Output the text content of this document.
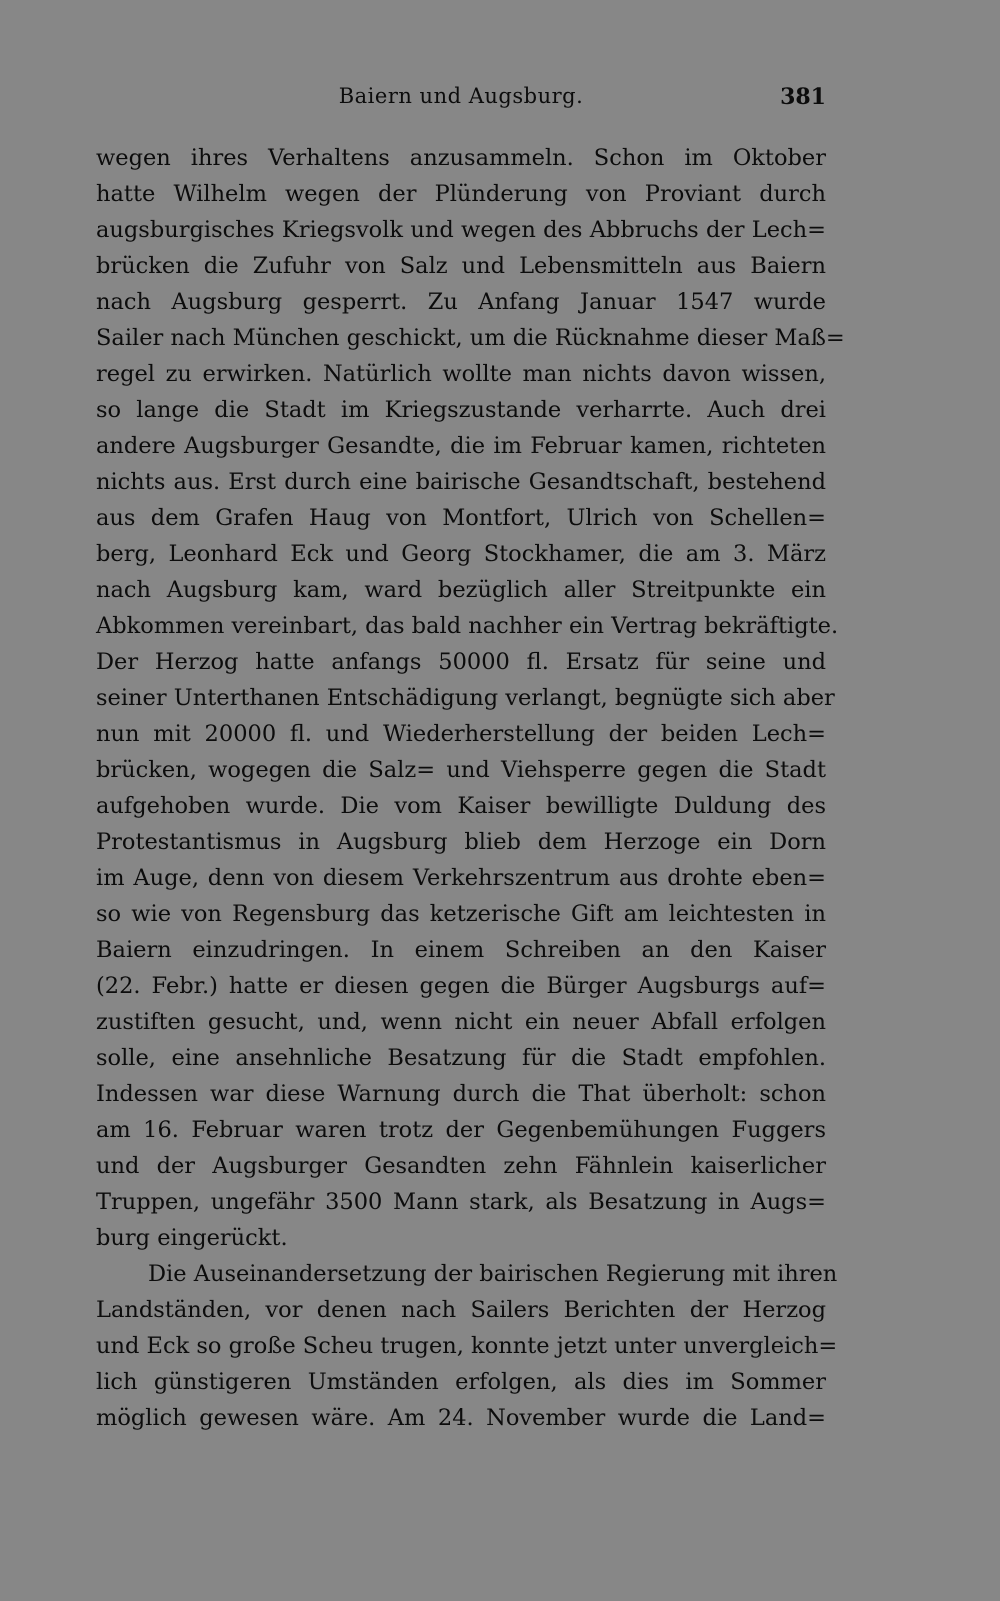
Baiern und Augsburg.	381
wegen ihres Verhaltens anzusammeln. Schon im Oktober
hatte Wilhelm wegen der Plünderung von Proviant durch
augsburgisches Kriegsvolk und wegen des Abbruchs der Lech=
brücken die Zufuhr von Salz und Lebensmitteln aus Baiern
nach Augsburg gesperrt. Zu Anfang Januar 1547 wurde
Sailer nach München geschickt, um die Rücknahme dieser Maß=
regel zu erwirken. Natürlich wollte man nichts davon wissen,
so lange die Stadt im Kriegszustande verharrte. Auch drei
andere Augsburger Gesandte, die im Februar kamen, richteten
nichts aus. Erst durch eine bairische Gesandtschaft, bestehend
aus dem Grafen Haug von Montfort, Ulrich von Schellen=
berg, Leonhard Eck und Georg Stockhamer, die am 3. März
nach Augsburg kam, ward bezüglich aller Streitpunkte ein
Abkommen vereinbart, das bald nachher ein Vertrag bekräftigte.
Der Herzog hatte anfangs 50000 fl. Ersatz für seine und
seiner Unterthanen Entschädigung verlangt, begnügte sich aber
nun mit 20000 fl. und Wiederherstellung der beiden Lech=
brücken, wogegen die Salz= und Viehsperre gegen die Stadt
aufgehoben wurde. Die vom Kaiser bewilligte Duldung des
Protestantismus in Augsburg blieb dem Herzoge ein Dorn
im Auge, denn von diesem Verkehrszentrum aus drohte eben=
so wie von Regensburg das ketzerische Gift am leichtesten in
Baiern einzudringen. In einem Schreiben an den Kaiser
(22. Febr.) hatte er diesen gegen die Bürger Augsburgs auf=
zustiften gesucht, und, wenn nicht ein neuer Abfall erfolgen
solle, eine ansehnliche Besatzung für die Stadt empfohlen.
Indessen war diese Warnung durch die That überholt: schon
am 16. Februar waren trotz der Gegenbemühungen Fuggers
und der Augsburger Gesandten zehn Fähnlein kaiserlicher
Truppen, ungefähr 3500 Mann stark, als Besatzung in Augs=
burg eingerückt.
Die Auseinandersetzung der bairischen Regierung mit ihren
Landständen, vor denen nach Sailers Berichten der Herzog
und Eck so große Scheu trugen, konnte jetzt unter unvergleich=
lich günstigeren Umständen erfolgen, als dies im Sommer
möglich gewesen wäre. Am 24. November wurde die Land=
